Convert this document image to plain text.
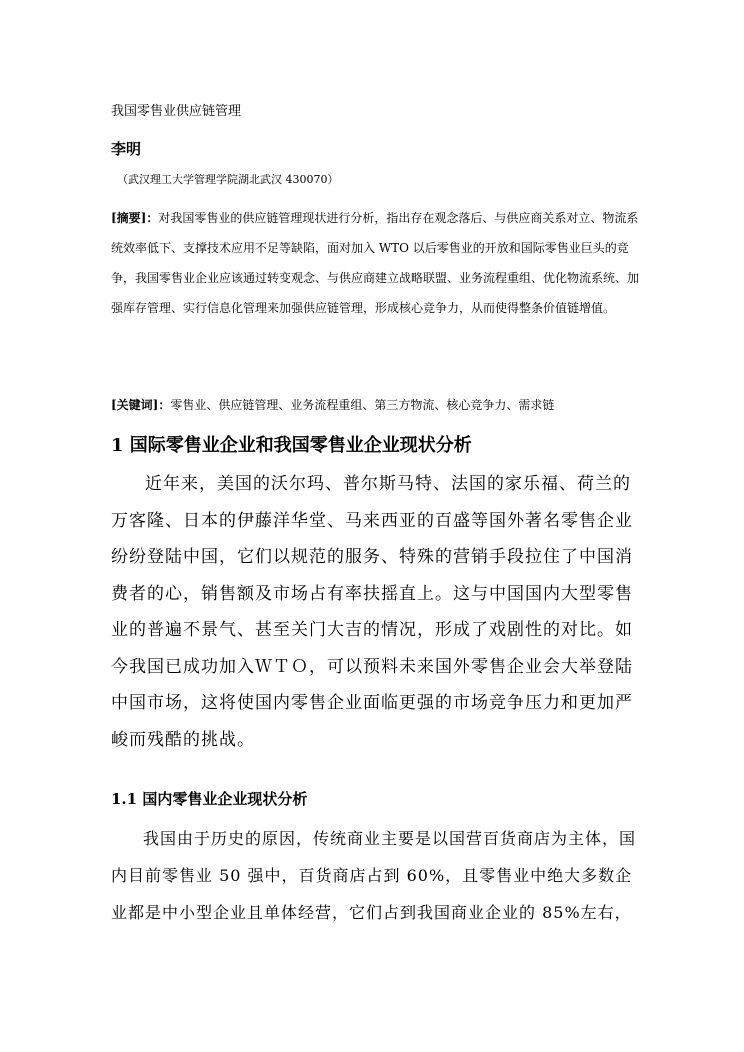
我国零售业供应链管理
李明
（武汉理工大学管理学院湖北武汉 430070）

[摘要]：对我国零售业的供应链管理现状进行分析，指出存在观念落后、与供应商关系对立、物流系统效率低下、支撑技术应用不足等缺陷，面对加入 WTO 以后零售业的开放和国际零售业巨头的竞争，我国零售业企业应该通过转变观念、与供应商建立战略联盟、业务流程重组、优化物流系统、加强库存管理、实行信息化管理来加强供应链管理，形成核心竞争力，从而使得整条价值链增值。

[关键词]：零售业、供应链管理、业务流程重组、第三方物流、核心竞争力、需求链

1 国际零售业企业和我国零售业企业现状分析

近年来，美国的沃尔玛、普尔斯马特、法国的家乐福、荷兰的万客隆、日本的伊藤洋华堂、马来西亚的百盛等国外著名零售企业纷纷登陆中国，它们以规范的服务、特殊的营销手段拉住了中国消费者的心，销售额及市场占有率扶摇直上。这与中国国内大型零售业的普遍不景气、甚至关门大吉的情况，形成了戏剧性的对比。如今我国已成功加入ＷＴＯ，可以预料未来国外零售企业会大举登陆中国市场，这将使国内零售企业面临更强的市场竞争压力和更加严峻而残酷的挑战。

1.1 国内零售业企业现状分析

我国由于历史的原因，传统商业主要是以国营百货商店为主体，国内目前零售业 50 强中，百货商店占到 60%，且零售业中绝大多数企业都是中小型企业且单体经营，它们占到我国商业企业的 85%左右，
